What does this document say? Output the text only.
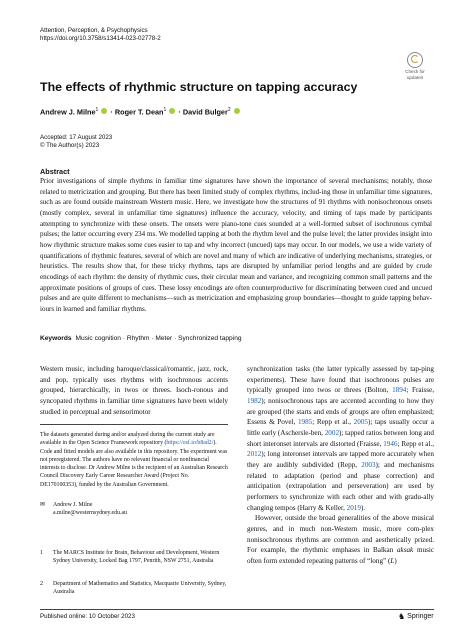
Attention, Perception, & Psychophysics
https://doi.org/10.3758/s13414-023-02778-2
Check for
updates
The effects of rhythmic structure on tapping accuracy
Andrew J. Milne$^1$  · Roger T. Dean$^1$  · David Bulger$^2$
Accepted: 17 August 2023
© The Author(s) 2023
Abstract
Prior investigations of simple rhythms in familiar time signatures have shown the importance of several mechanisms; notably, those related to metricization and grouping. But there has been limited study of complex rhythms, includ-ing those in unfamiliar time signatures, such as are found outside mainstream Western music. Here, we investigate how the structures of 91 rhythms with nonisochronous onsets (mostly complex, several in unfamiliar time signatures) influence the accuracy, velocity, and timing of taps made by participants attempting to synchronize with these onsets. The onsets were piano-tone cues sounded at a well-formed subset of isochronous cymbal pulses; the latter occurring every 234 ms. We modelled tapping at both the rhythm level and the pulse level; the latter provides insight into how rhythmic structure makes some cues easier to tap and why incorrect (uncued) taps may occur. In our models, we use a wide variety of quantifications of rhythmic features, several of which are novel and many of which are indicative of underlying mechanisms, strategies, or heuristics. The results show that, for these tricky rhythms, taps are disrupted by unfamiliar period lengths and are guided by crude encodings of each rhythm: the density of rhythmic cues, their circular mean and variance, and recognizing common small patterns and the approximate positions of groups of cues. These lossy encodings are often counterproductive for discriminating between cued and uncued pulses and are quite different to mechanisms—such as metricization and emphasizing group boundaries—thought to guide tapping behav-iours in learned and familiar rhythms.
Keywords Music cognition · Rhythm · Meter · Synchronized tapping
Western music, including baroque/classical/romantic, jazz, rock, and pop, typically uses rhythms with isochronous accents grouped, hierarchically, in twos or threes. Isoch-ronous and syncopated rhythms in familiar time signatures have been widely studied in perceptual and sensorimotor
The datasets generated during and/or analyzed during the current study are available in the Open Science Framework repository (https://osf.io/b8ad2/). Code and fitted models are also available in this repository. The experiment was not preregistered. The authors have no relevant financial or nonfinancial interests to disclose. Dr Andrew Milne is the recipient of an Australian Research Council Discovery Early Career Researcher Award (Project No. DE170100353), funded by the Australian Government.
✉	Andrew J. Milne
a.milne@westernsydney.edu.au
1	The MARCS Institute for Brain, Behaviour and Development, Western Sydney University, Locked Bag 1797, Penrith, NSW 2751, Australia
2	Department of Mathematics and Statistics, Macquarie University, Sydney, Australia
synchronization tasks (the latter typically assessed by tap-ping experiments). These have found that isochronous pulses are typically grouped into twos or threes (Bolton, 1894; Fraisse, 1982); nonisochronous taps are accented according to how they are grouped (the starts and ends of groups are often emphasized; Essens & Povel, 1985; Repp et al., 2005); taps usually occur a little early (Ascherslе-ben, 2002); tapped ratios between long and short interonset intervals are distorted (Fraisse, 1946; Repp et al., 2012); long interonset intervals are tapped more accurately when they are audibly subdivided (Repp, 2003); and mechanisms related to adaptation (period and phase correction) and anticipation (extrapolation and perseveration) are used by performers to synchronize with each other and with gradu-ally changing tempos (Harry & Keller, 2019).
However, outside the broad generalities of the above musical genres, and in much non-Western music, more com-plex nonisochronous rhythms are common and aesthetically prized. For example, the rhythmic emphases in Balkan aksak music often form extended repeating patterns of “long” (L)
Published online: 10 October 2023	♞ Springer
